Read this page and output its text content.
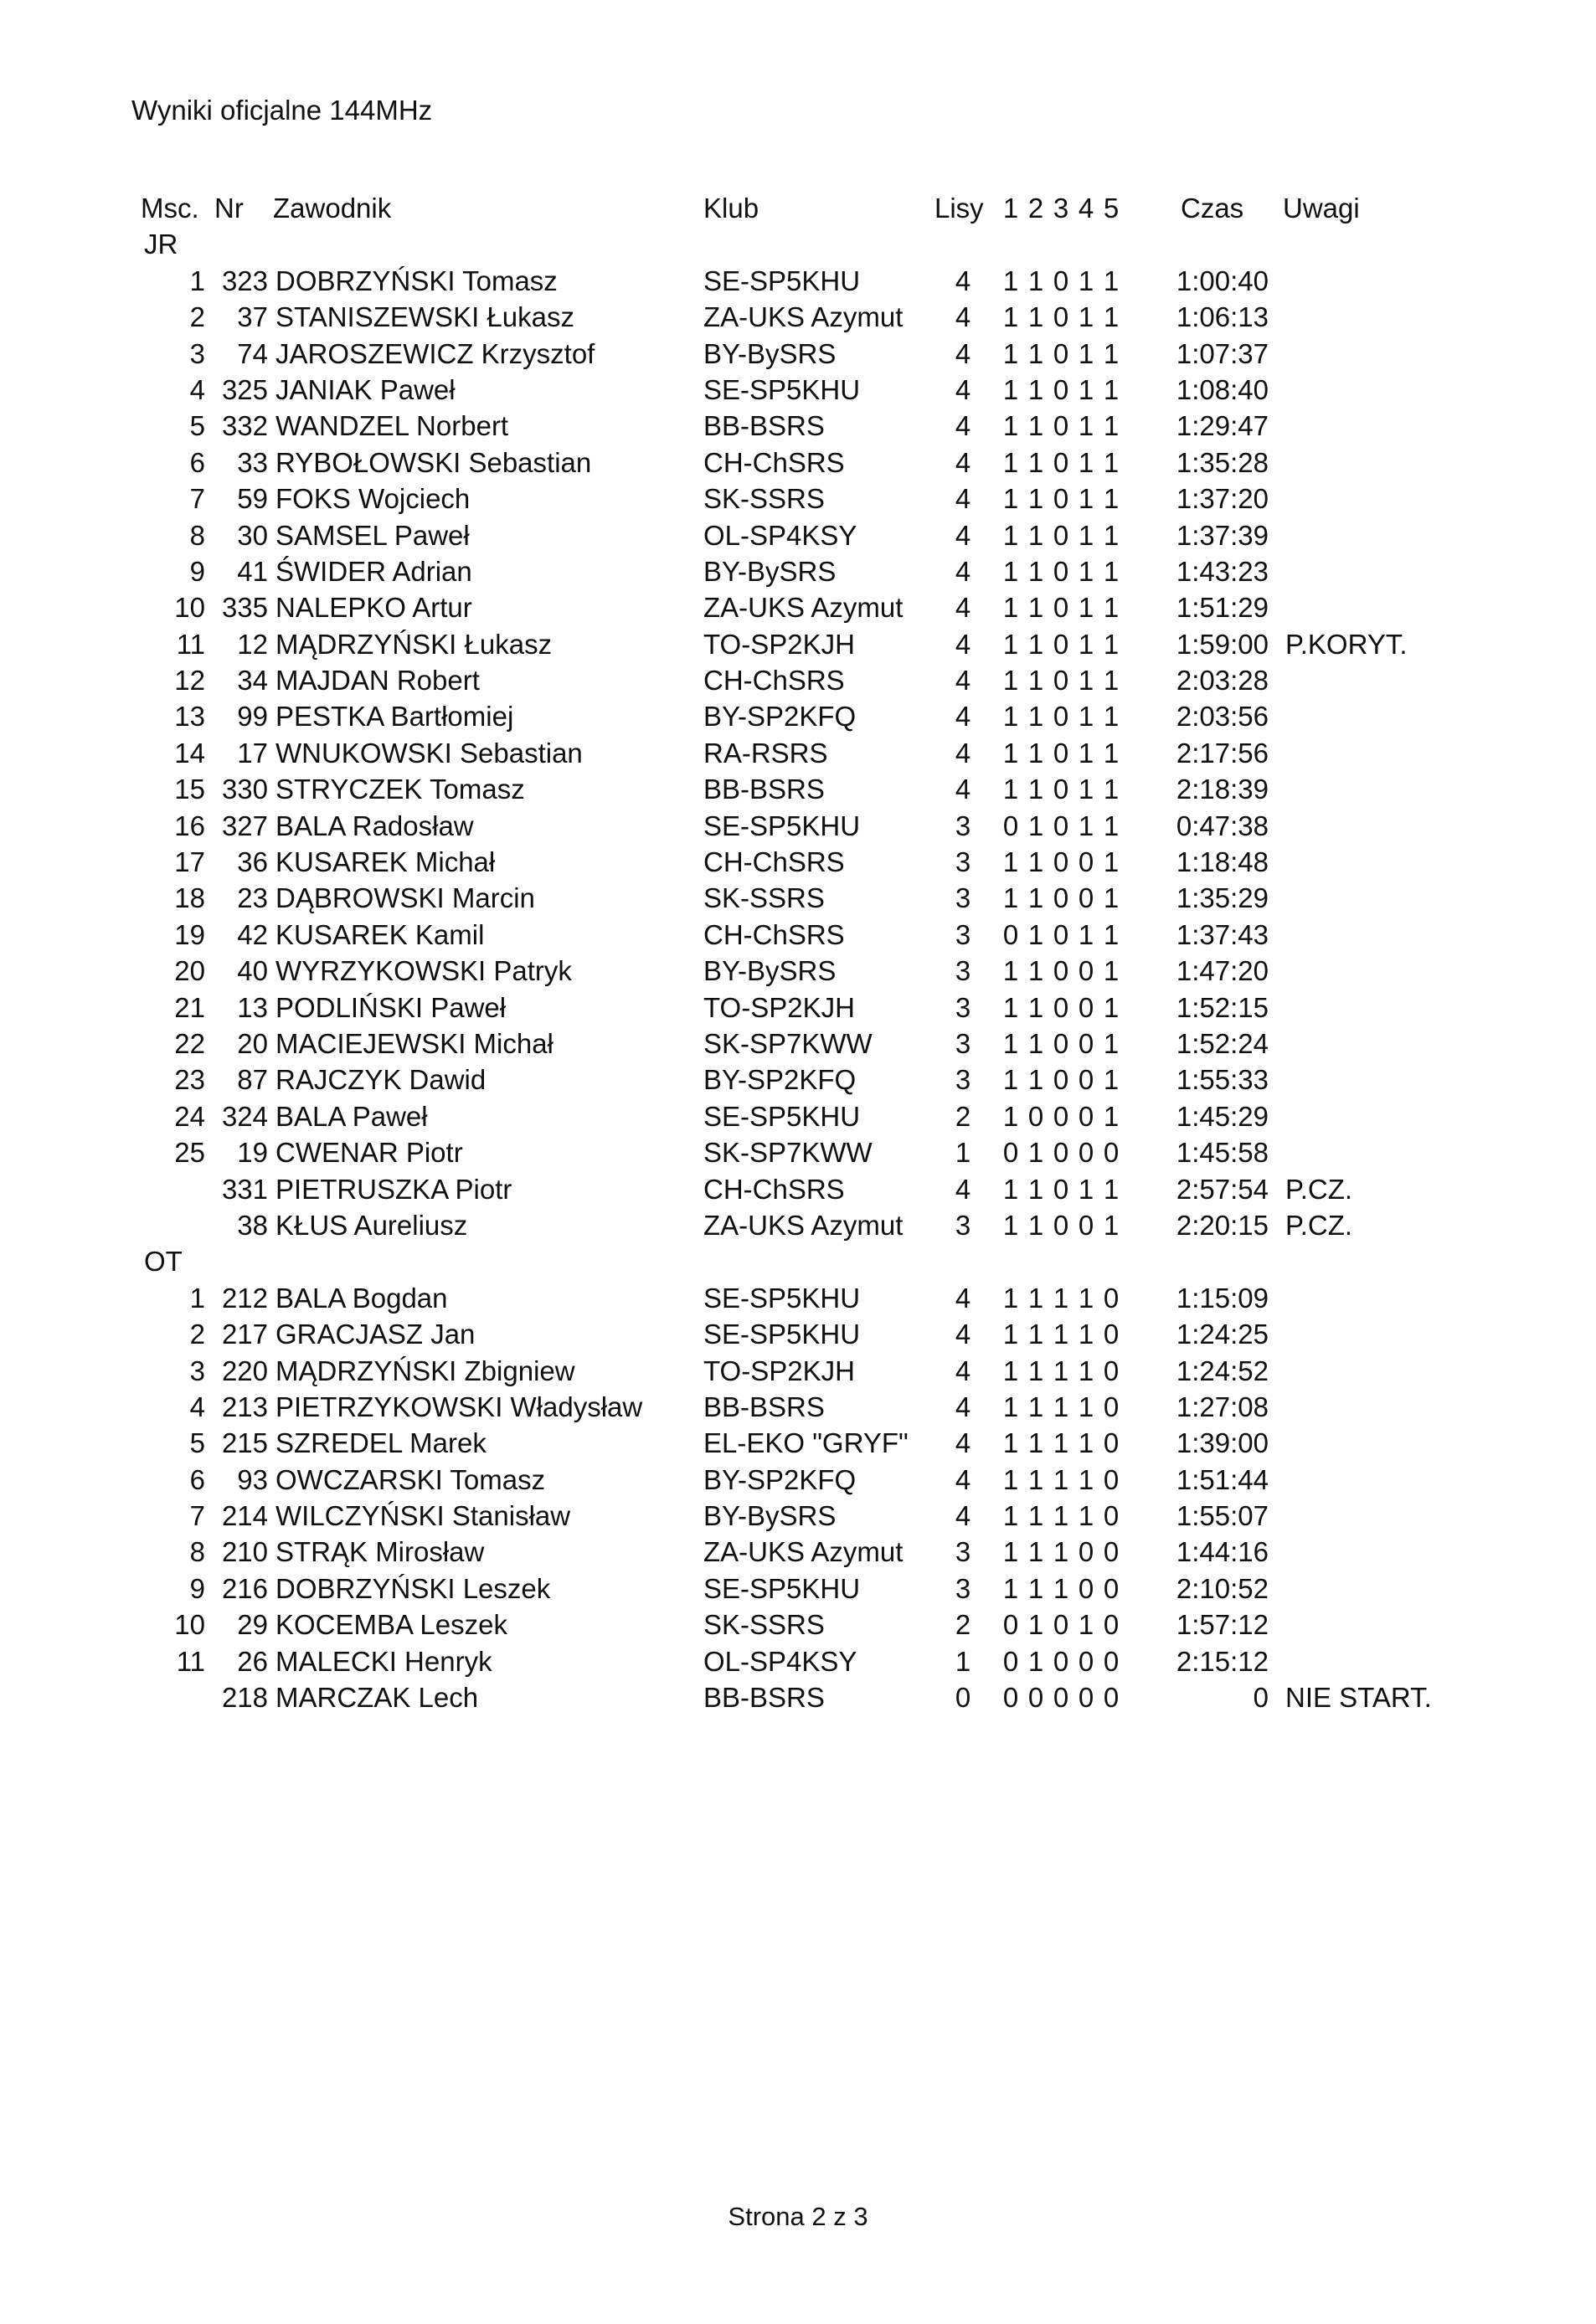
Wyniki oficjalne 144MHz
Msc. Nr Zawodnik	Klub	Lisy 1 2 3 4 5 Czas Uwagi
JR
1 323 DOBRZYŃSKI Tomasz	SE-SP5KHU	4	1 1 0 1 1	1:00:40
2	37 STANISZEWSKI Łukasz	ZA-UKS Azymut	4	1 1 0 1 1	1:06:13
3	74 JAROSZEWICZ Krzysztof	BY-BySRS	4	1 1 0 1 1	1:07:37
4 325 JANIAK Paweł	SE-SP5KHU	4	1 1 0 1 1	1:08:40
5 332 WANDZEL Norbert	BB-BSRS	4	1 1 0 1 1	1:29:47
6	33 RYBOŁOWSKI Sebastian	CH-ChSRS	4	1 1 0 1 1	1:35:28
7	59 FOKS Wojciech	SK-SSRS	4	1 1 0 1 1	1:37:20
8	30 SAMSEL Paweł	OL-SP4KSY	4	1 1 0 1 1	1:37:39
9	41 ŚWIDER Adrian	BY-BySRS	4	1 1 0 1 1	1:43:23
10 335 NALEPKO Artur	ZA-UKS Azymut	4	1 1 0 1 1	1:51:29
11	12 MĄDRZYŃSKI Łukasz	TO-SP2KJH	4	1 1 0 1 1	1:59:00 P.KORYT.
12	34 MAJDAN Robert	CH-ChSRS	4	1 1 0 1 1	2:03:28
13	99 PESTKA Bartłomiej	BY-SP2KFQ	4	1 1 0 1 1	2:03:56
14	17 WNUKOWSKI Sebastian	RA-RSRS	4	1 1 0 1 1	2:17:56
15 330 STRYCZEK Tomasz	BB-BSRS	4	1 1 0 1 1	2:18:39
16 327 BALA Radosław	SE-SP5KHU	3	0 1 0 1 1	0:47:38
17	36 KUSAREK Michał	CH-ChSRS	3	1 1 0 0 1	1:18:48
18	23 DĄBROWSKI Marcin	SK-SSRS	3	1 1 0 0 1	1:35:29
19	42 KUSAREK Kamil	CH-ChSRS	3	0 1 0 1 1	1:37:43
20	40 WYRZYKOWSKI Patryk	BY-BySRS	3	1 1 0 0 1	1:47:20
21	13 PODLIŃSKI Paweł	TO-SP2KJH	3	1 1 0 0 1	1:52:15
22	20 MACIEJEWSKI Michał	SK-SP7KWW	3	1 1 0 0 1	1:52:24
23	87 RAJCZYK Dawid	BY-SP2KFQ	3	1 1 0 0 1	1:55:33
24 324 BALA Paweł	SE-SP5KHU	2	1 0 0 0 1	1:45:29
25	19 CWENAR Piotr	SK-SP7KWW	1	0 1 0 0 0	1:45:58
331 PIETRUSZKA Piotr	CH-ChSRS	4	1 1 0 1 1	2:57:54 P.CZ.
38 KŁUS Aureliusz	ZA-UKS Azymut	3	1 1 0 0 1	2:20:15 P.CZ.
OT
1 212 BALA Bogdan	SE-SP5KHU	4	1 1 1 1 0	1:15:09
2 217 GRACJASZ Jan	SE-SP5KHU	4	1 1 1 1 0	1:24:25
3 220 MĄDRZYŃSKI Zbigniew	TO-SP2KJH	4	1 1 1 1 0	1:24:52
4 213 PIETRZYKOWSKI Władysław BB-BSRS	4	1 1 1 1 0	1:27:08
5 215 SZREDEL Marek	EL-EKO "GRYF"	4	1 1 1 1 0	1:39:00
6	93 OWCZARSKI Tomasz	BY-SP2KFQ	4	1 1 1 1 0	1:51:44
7 214 WILCZYŃSKI Stanisław	BY-BySRS	4	1 1 1 1 0	1:55:07
8 210 STRĄK Mirosław	ZA-UKS Azymut	3	1 1 1 0 0	1:44:16
9 216 DOBRZYŃSKI Leszek	SE-SP5KHU	3	1 1 1 0 0	2:10:52
10	29 KOCEMBA Leszek	SK-SSRS	2	0 1 0 1 0	1:57:12
11	26 MALECKI Henryk	OL-SP4KSY	1	0 1 0 0 0	2:15:12
218 MARCZAK Lech	BB-BSRS	0	0 0 0 0 0	0 NIE START.
Strona 2 z 3
